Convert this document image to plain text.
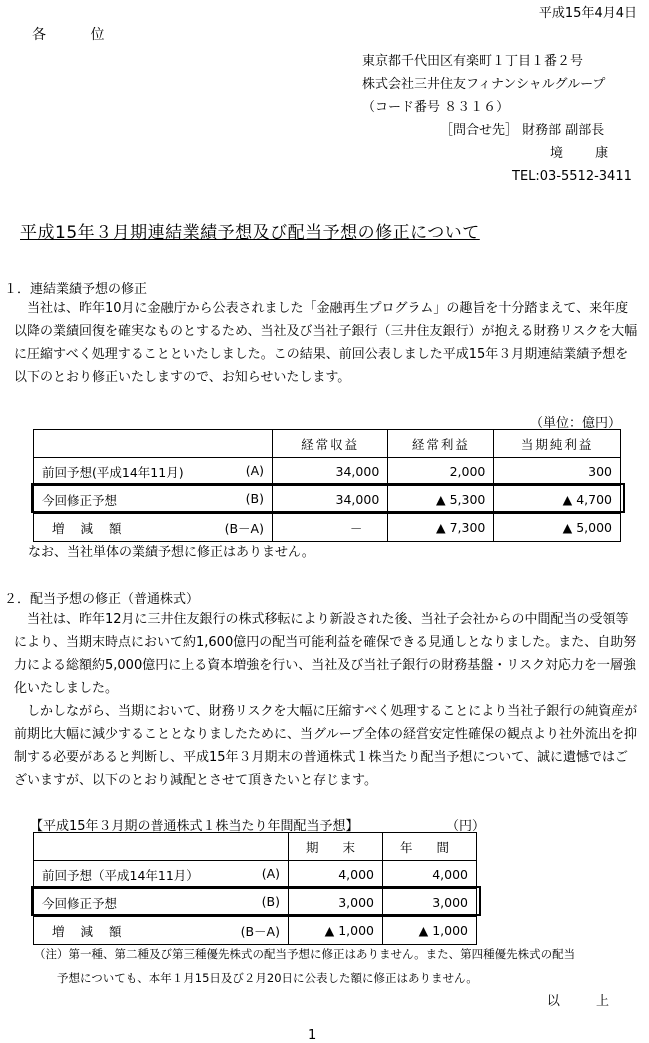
平成15年4月4日
各 位
東京都千代田区有楽町１丁目１番２号
株式会社三井住友フィナンシャルグループ
（コード番号 ８３１６）
［問合せ先］ 財務部 副部長
境 康
TEL:03-5512-3411
平成15年３月期連結業績予想及び配当予想の修正について
１．連結業績予想の修正

当社は、昨年10月に金融庁から公表されました「金融再生プログラム」の趣旨を十分踏まえて、来年度以降の業績回復を確実なものとするため、当社及び当社子銀行（三井住友銀行）が抱える財務リスクを大幅に圧縮すべく処理することといたしました。この結果、前回公表しました平成15年３月期連結業績予想を以下のとおり修正いたしますので、お知らせいたします。

（単位：億円）
	経常収益	経常利益	当期純利益

前回予想(平成14年11月) (A)	34,000	2,000	300

今回修正予想 (B)	34,000	▲ 5,300	▲ 4,700

増 減 額 (B－A)	－	▲ 7,300	▲ 5,000
なお、当社単体の業績予想に修正はありません。
２．配当予想の修正（普通株式）

当社は、昨年12月に三井住友銀行の株式移転により新設された後、当社子会社からの中間配当の受領等により、当期末時点において約1,600億円の配当可能利益を確保できる見通しとなりました。また、自助努力による総額約5,000億円に上る資本増強を行い、当社及び当社子銀行の財務基盤・リスク対応力を一層強化いたしました。

しかしながら、当期において、財務リスクを大幅に圧縮すべく処理することにより当社子銀行の純資産が前期比大幅に減少することとなりましたために、当グループ全体の経営安定性確保の観点より社外流出を抑制する必要があると判断し、平成15年３月期末の普通株式１株当たり配当予想について、誠に遺憾ではございますが、以下のとおり減配とさせて頂きたいと存じます。

【平成15年３月期の普通株式１株当たり年間配当予想】	（円）
	期 末	年 間

前回予想（平成14年11月） (A)	4,000	4,000

今回修正予想 (B)	3,000	3,000

増 減 額 (B－A)	▲ 1,000	▲ 1,000

（注）第一種、第二種及び第三種優先株式の配当予想に修正はありません。また、第四種優先株式の配当

予想についても、本年１月15日及び２月20日に公表した額に修正はありません。

以 上
1
